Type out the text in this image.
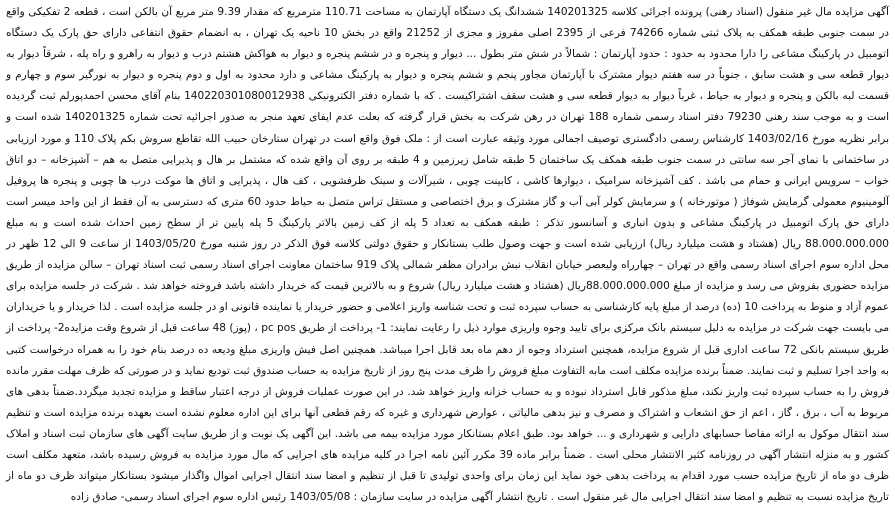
آگهی مزایده مال غیر منقول (اسناد رهنی) پرونده اجرائی کلاسه 140201325 ششدانگ یک دستگاه آپارتمان به مساحت 110.71 مترمربع که مقدار 9.39 متر مربع آن بالکن است ، قطعه 2 تفکیکی واقع در سمت جنوبی طبقه همکف به پلاک ثبتی شماره 74266 فرعی از 2395 اصلی مفروز و مجزی از 21252 واقع در بخش 10 ناحیه یک تهران ، به انضمام حقوق انتفاعی دارای حق پارک یک دستگاه اتومبیل در پارکینگ مشاعی را دارا محدود به حدود : حدود آپارتمان : شمالاً در شش متر بطول ... دیوار و پنجره و در ششم پنجره و دیوار به هواکش هشتم درب و دیوار به راهرو و راه پله ، شرقاً دیوار به دیوار قطعه سی و هشت سابق ، جنوباً در سه هفتم دیوار مشترک با آپارتمان مجاور پنجم و ششم پنجره و دیوار به پارکینگ مشاعی و دارد محدود به اول و دوم پنجره و دیوار به نورگیر سوم و چهارم و قسمت لبه بالکن و پنجره و دیوار به حیاط ، غرباً دیوار به دیوار قطعه سی و هشت سقف اشتراکیست . که با شماره دفتر الکترونیکی 140220301080012938 بنام آقای محسن احمدپورلم ثبت گردیده است و به موجب سند رهنی 79230 دفتر اسناد رسمی شماره 188 تهران در رهن شرکت به بخش قرار گرفته که بعلت عدم ایفای تعهد منجر به صدور اجرائیه تحت شماره 140201325 شده است و برابر نظریه مورخ 1403/02/16 کارشناس رسمی دادگستری توصیف اجمالی مورد وثیقه عبارت است از : ملک فوق واقع است در تهران ستارخان حبیب الله تقاطع سروش بکم پلاک 110 و مورد ارزیابی در ساختمانی با نمای آجر سه سانتی در سمت جنوب طبقه همکف یک ساختمان 5 طبقه شامل زیرزمین و 4 طبقه بر روی آن واقع شده که مشتمل بر هال و پذیرایی متصل به هم – آشپزخانه – دو اتاق خواب – سرویس ایرانی و حمام می باشد . کف آشپزخانه سرامیک ، دیوارها کاشی ، کابینت چوبی ، شیرآلات و سینک ظرفشویی ، کف هال ، پذیرایی و اتاق ها موکت درب ها چوبی و پنجره ها پروفیل آلومینیوم معمولی گرمایش شوفاژ ( موتورخانه ) و سرمایش کولر آبی آب و گاز مشترک و برق اختصاصی و مستقل تراس متصل به حیاط حدود 60 متری که دسترسی به آن فقط از این واحد میسر است دارای حق پارک اتومبیل در پارکینگ مشاعی و بدون انباری و آسانسور تذکر : طبقه همکف به تعداد 5 پله از کف زمین بالاتر پارکینگ 5 پله پایین تر از سطح زمین احداث شده است و به مبلغ 88.000.000.000 ریال (هشتاد و هشت میلیارد ریال) ارزیابی شده است و جهت وصول طلب بستانکار و حقوق دولتی کلاسه فوق الذکر در روز شنبه مورخ 1403/05/20 از ساعت 9 الی 12 ظهر در محل اداره سوم اجرای اسناد رسمی واقع در تهران – چهارراه ولیعصر خیابان انقلاب نبش برادران مظفر شمالی پلاک 919 ساختمان معاونت اجرای اسناد رسمی ثبت اسناد تهران – سالن مزایده از طریق مزایده حضوری بفروش می رسد و مزایده از مبلغ 88.000.000.000ریال (هشتاد و هشت میلیارد ریال) شروع و به بالاترین قیمت که خریدار داشته باشد فروخته خواهد شد . شرکت در جلسه مزایده برای عموم آزاد و منوط به پرداخت 10 (ده) درصد از مبلغ پایه کارشناسی به حساب سپرده ثبت و تحت شناسه واریز اعلامی و حضور خریدار یا نماینده قانونی او در جلسه مزایده است . لذا خریدار و یا خریداران می بایست جهت شرکت در مزایده به دلیل سیستم بانک مرکزی برای تایید وجوه واریزی موارد ذیل را رعایت نمایند: 1- پرداخت از طریق pc pos ، (پوز) 48 ساعت قبل از شروع وقت مزایده2- پرداخت از طریق سیستم بانکی 72 ساعت اداری قبل از شروع مزایده، همچنین استرداد وجوه از دهم ماه بعد قابل اجرا میباشد. همچنین اصل فیش واریزی مبلغ ودیعه ده درصد بنام خود را به همراه درخواست کتبی به واحد اجرا تسلیم و ثبت نمایند. ضمناً برنده مزایده مکلف است مابه التفاوت مبلغ فروش را ظرف مدت پنج روز از تاریخ مزایده به حساب صندوق ثبت تودیع نماید و در صورتی که ظرف مهلت مقرر مانده فروش را به حساب سپرده ثبت واریز نکند، مبلغ مذکور قابل استرداد نبوده و به حساب خزانه واریز خواهد شد. در این صورت عملیات فروش از درجه اعتبار ساقط و مزایده تجدید میگردد.ضمناً بدهی های مربوط به آب ، برق ، گاز ، اعم از حق انشعاب و اشتراک و مصرف و نیز بدهی مالیاتی ، عوارض شهرداری و غیره که رقم قطعی آنها برای این اداره معلوم نشده است بعهده برنده مزایده است و تنظیم سند انتقال موکول به ارائه مفاصا حسابهای دارایی و شهرداری و ... خواهد بود. طبق اعلام بستانکار مورد مزایده بیمه می باشد. این آگهی یک نوبت و از طریق سایت آگهی های سازمان ثبت اسناد و املاک کشور و به منزله انتشار آگهی در روزنامه کثیر الانتشار محلی است . ضمناً برابر ماده 39 مکرر آئین نامه اجرا در کلیه مزایده های اجرایی که مال مورد مزایده به فروش رسیده باشد، متعهد مکلف است ظرف دو ماه از تاریخ مزایده حسب مورد اقدام به پرداخت بدهی خود نماید این زمان برای واحدی تولیدی تا قبل از تنظیم و امضا سند انتقال اجرایی اموال واگذار میشود بستانکار میتواند ظرف دو ماه از تاریخ مزایده نسبت به تنظیم و امضا سند انتقال اجرایی مال غیر منقول است . تاریخ انتشار آگهی مزایده در سایت سازمان : 1403/05/08 رئیس اداره سوم اجرای اسناد رسمی- صادق زاده
